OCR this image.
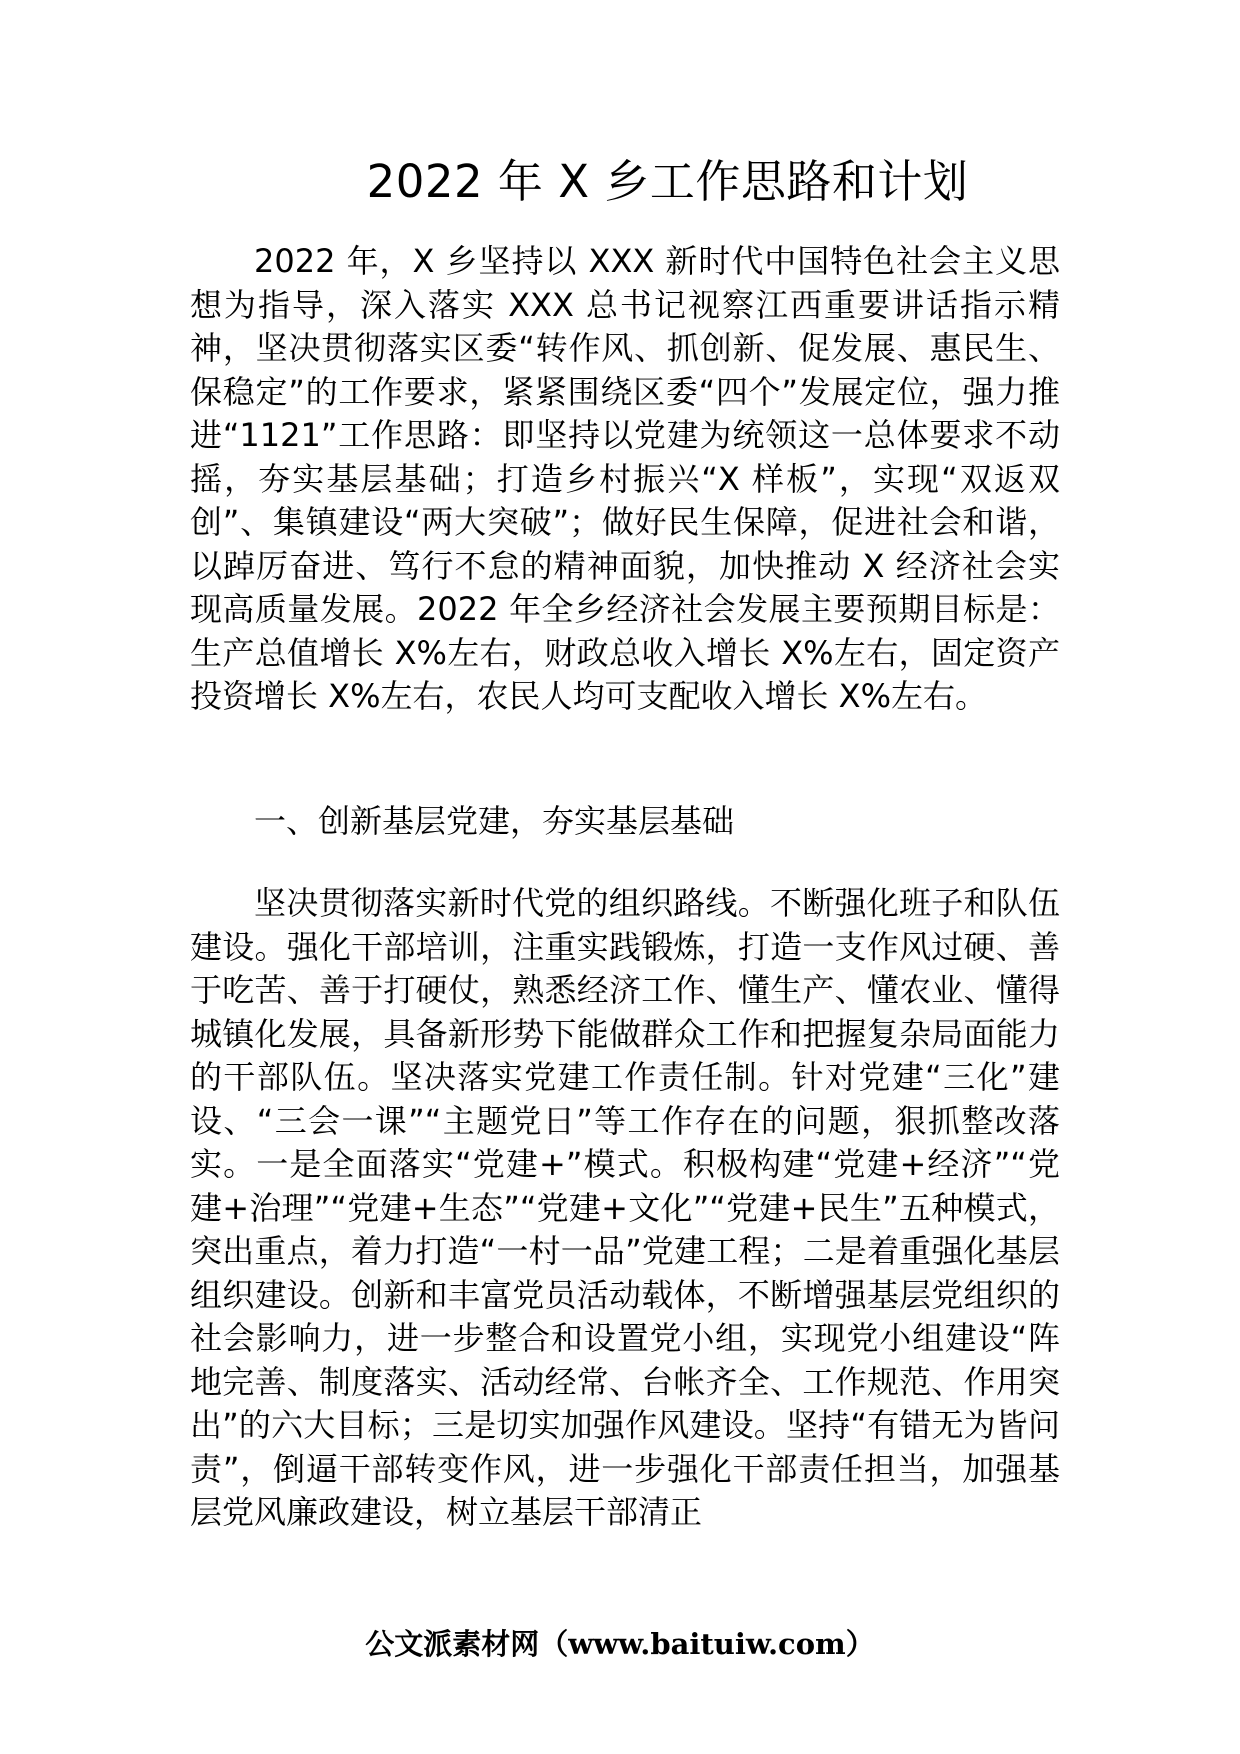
2022 年 X 乡工作思路和计划

2022 年，X 乡坚持以 XXX 新时代中国特色社会主义思想为指导，深入落实 XXX 总书记视察江西重要讲话指示精神，坚决贯彻落实区委“转作风、抓创新、促发展、惠民生、保稳定”的工作要求，紧紧围绕区委“四个”发展定位，强力推进“1121”工作思路：即坚持以党建为统领这一总体要求不动摇，夯实基层基础；打造乡村振兴“X 样板”，实现“双返双创”、集镇建设“两大突破”；做好民生保障，促进社会和谐，以踔厉奋进、笃行不怠的精神面貌，加快推动 X 经济社会实现高质量发展。2022 年全乡经济社会发展主要预期目标是：生产总值增长 X%左右，财政总收入增长 X%左右，固定资产投资增长 X%左右，农民人均可支配收入增长 X%左右。

一、创新基层党建，夯实基层基础

坚决贯彻落实新时代党的组织路线。不断强化班子和队伍建设。强化干部培训，注重实践锻炼，打造一支作风过硬、善于吃苦、善于打硬仗，熟悉经济工作、懂生产、懂农业、懂得城镇化发展，具备新形势下能做群众工作和把握复杂局面能力的干部队伍。坚决落实党建工作责任制。针对党建“三化”建设、“三会一课”“主题党日”等工作存在的问题，狠抓整改落实。一是全面落实“党建+”模式。积极构建“党建+经济”“党建+治理”“党建+生态”“党建+文化”“党建+民生”五种模式，突出重点，着力打造“一村一品”党建工程；二是着重强化基层组织建设。创新和丰富党员活动载体，不断增强基层党组织的社会影响力，进一步整合和设置党小组，实现党小组建设“阵地完善、制度落实、活动经常、台帐齐全、工作规范、作用突出”的六大目标；三是切实加强作风建设。坚持“有错无为皆问责”，倒逼干部转变作风，进一步强化干部责任担当，加强基层党风廉政建设，树立基层干部清正

公文派素材网（www.baituiw.com）
